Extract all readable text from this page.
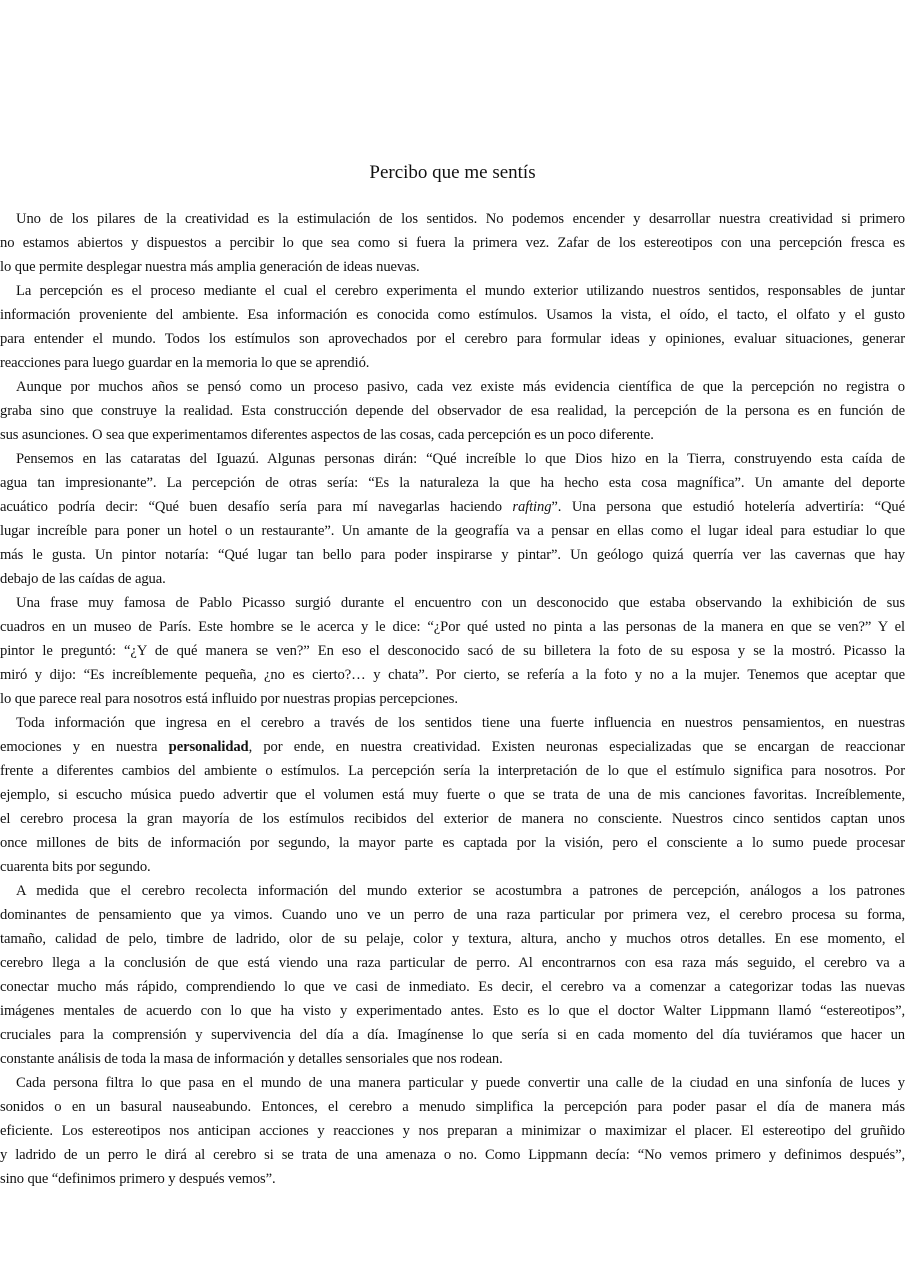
Percibo que me sentís
Uno de los pilares de la creatividad es la estimulación de los sentidos. No podemos encender y desarrollar nuestra creatividad si primero
no estamos abiertos y dispuestos a percibir lo que sea como si fuera la primera vez. Zafar de los estereotipos con una percepción fresca es
lo que permite desplegar nuestra más amplia generación de ideas nuevas.
La percepción es el proceso mediante el cual el cerebro experimenta el mundo exterior utilizando nuestros sentidos, responsables de juntar
información proveniente del ambiente. Esa información es conocida como estímulos. Usamos la vista, el oído, el tacto, el olfato y el gusto
para entender el mundo. Todos los estímulos son aprovechados por el cerebro para formular ideas y opiniones, evaluar situaciones, generar
reacciones para luego guardar en la memoria lo que se aprendió.
Aunque por muchos años se pensó como un proceso pasivo, cada vez existe más evidencia científica de que la percepción no registra o
graba sino que construye la realidad. Esta construcción depende del observador de esa realidad, la percepción de la persona es en función de
sus asunciones. O sea que experimentamos diferentes aspectos de las cosas, cada percepción es un poco diferente.
Pensemos en las cataratas del Iguazú. Algunas personas dirán: “Qué increíble lo que Dios hizo en la Tierra, construyendo esta caída de
agua tan impresionante”. La percepción de otras sería: “Es la naturaleza la que ha hecho esta cosa magnífica”. Un amante del deporte
acuático podría decir: “Qué buen desafío sería para mí navegarlas haciendo rafting”. Una persona que estudió hotelería advertiría: “Qué
lugar increíble para poner un hotel o un restaurante”. Un amante de la geografía va a pensar en ellas como el lugar ideal para estudiar lo que
más le gusta. Un pintor notaría: “Qué lugar tan bello para poder inspirarse y pintar”. Un geólogo quizá querría ver las cavernas que hay
debajo de las caídas de agua.
Una frase muy famosa de Pablo Picasso surgió durante el encuentro con un desconocido que estaba observando la exhibición de sus
cuadros en un museo de París. Este hombre se le acerca y le dice: “¿Por qué usted no pinta a las personas de la manera en que se ven?” Y el
pintor le preguntó: “¿Y de qué manera se ven?” En eso el desconocido sacó de su billetera la foto de su esposa y se la mostró. Picasso la
miró y dijo: “Es increíblemente pequeña, ¿no es cierto?… y chata”. Por cierto, se refería a la foto y no a la mujer. Tenemos que aceptar que
lo que parece real para nosotros está influido por nuestras propias percepciones.
Toda información que ingresa en el cerebro a través de los sentidos tiene una fuerte influencia en nuestros pensamientos, en nuestras
emociones y en nuestra personalidad, por ende, en nuestra creatividad. Existen neuronas especializadas que se encargan de reaccionar
frente a diferentes cambios del ambiente o estímulos. La percepción sería la interpretación de lo que el estímulo significa para nosotros. Por
ejemplo, si escucho música puedo advertir que el volumen está muy fuerte o que se trata de una de mis canciones favoritas. Increíblemente,
el cerebro procesa la gran mayoría de los estímulos recibidos del exterior de manera no consciente. Nuestros cinco sentidos captan unos
once millones de bits de información por segundo, la mayor parte es captada por la visión, pero el consciente a lo sumo puede procesar
cuarenta bits por segundo.
A medida que el cerebro recolecta información del mundo exterior se acostumbra a patrones de percepción, análogos a los patrones
dominantes de pensamiento que ya vimos. Cuando uno ve un perro de una raza particular por primera vez, el cerebro procesa su forma,
tamaño, calidad de pelo, timbre de ladrido, olor de su pelaje, color y textura, altura, ancho y muchos otros detalles. En ese momento, el
cerebro llega a la conclusión de que está viendo una raza particular de perro. Al encontrarnos con esa raza más seguido, el cerebro va a
conectar mucho más rápido, comprendiendo lo que ve casi de inmediato. Es decir, el cerebro va a comenzar a categorizar todas las nuevas
imágenes mentales de acuerdo con lo que ha visto y experimentado antes. Esto es lo que el doctor Walter Lippmann llamó “estereotipos”,
cruciales para la comprensión y supervivencia del día a día. Imagínense lo que sería si en cada momento del día tuviéramos que hacer un
constante análisis de toda la masa de información y detalles sensoriales que nos rodean.
Cada persona filtra lo que pasa en el mundo de una manera particular y puede convertir una calle de la ciudad en una sinfonía de luces y
sonidos o en un basural nauseabundo. Entonces, el cerebro a menudo simplifica la percepción para poder pasar el día de manera más
eficiente. Los estereotipos nos anticipan acciones y reacciones y nos preparan a minimizar o maximizar el placer. El estereotipo del gruñido
y ladrido de un perro le dirá al cerebro si se trata de una amenaza o no. Como Lippmann decía: “No vemos primero y definimos después”,
sino que “definimos primero y después vemos”.
